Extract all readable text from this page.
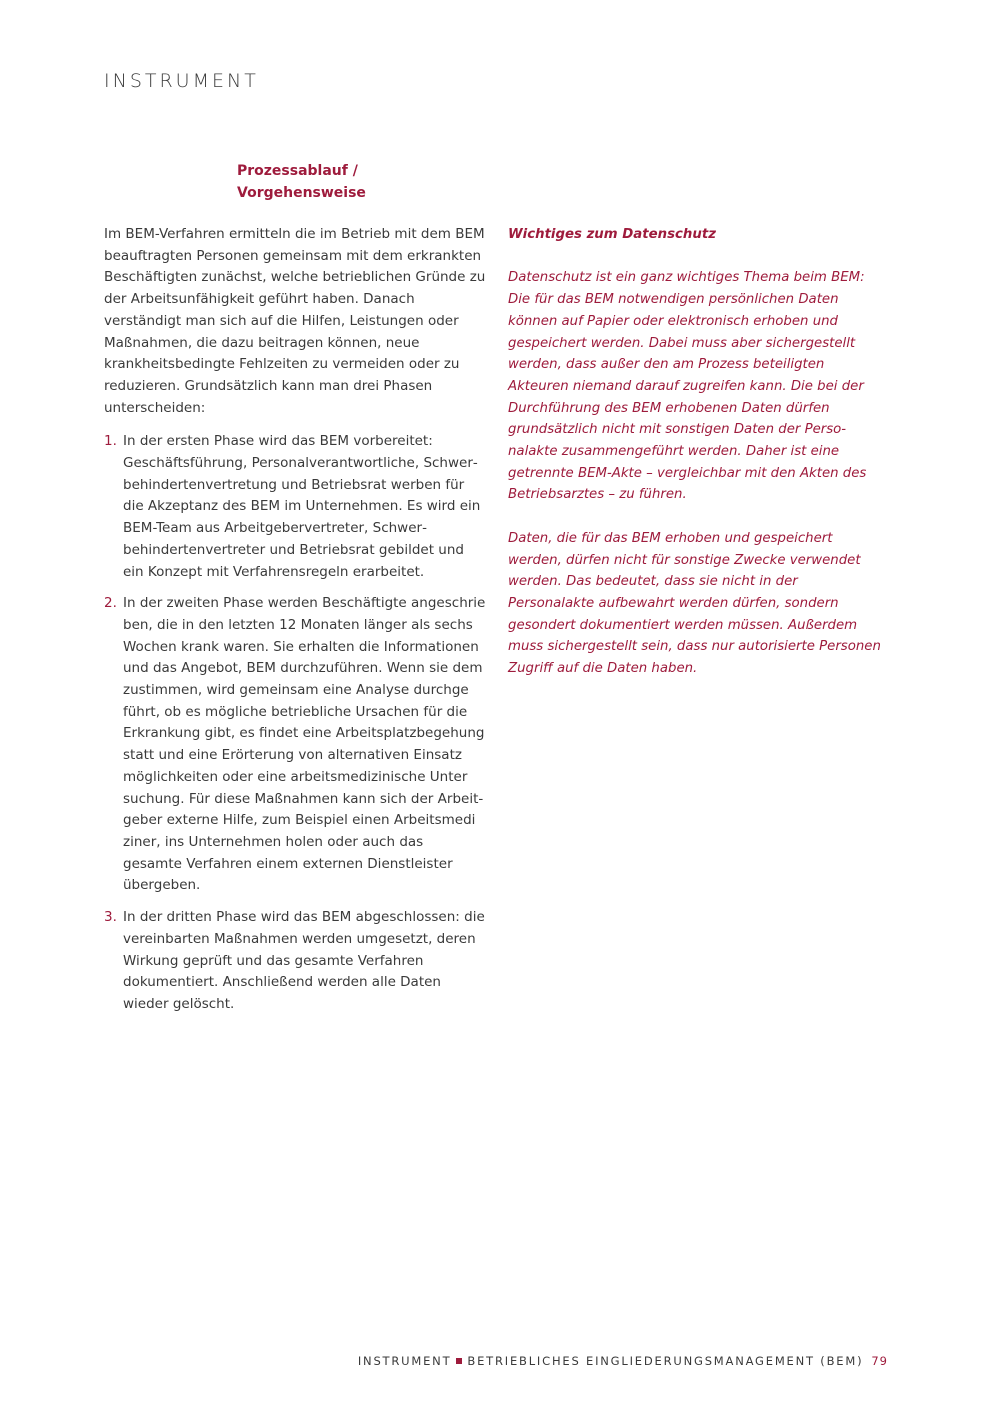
INSTRUMENT
Prozessablauf /
Vorgehensweise

Im BEM-Verfahren ermitteln die im Betrieb mit dem BEM beauftragten Personen gemeinsam mit dem erkrankten Beschäftigten zunächst, welche betrieblichen Gründe zu der Arbeitsunfähigkeit geführt haben. Danach verständigt man sich auf die Hilfen, Leistungen oder Maßnahmen, die dazu beitragen können, neue krankheitsbedingte Fehlzeiten zu vermeiden oder zu reduzieren. Grundsätzlich kann man drei Phasen unterscheiden:

1. In der ersten Phase wird das BEM vorbereitet: Geschäftsführung, Personalverantwortliche, Schwerbehindertenvertretung und Betriebsrat werben für die Akzeptanz des BEM im Unternehmen. Es wird ein BEM-Team aus Arbeitgebervertreter, Schwerbehindertenvertreter und Betriebsrat gebildet und ein Konzept mit Verfahrensregeln erarbeitet.
2. In der zweiten Phase werden Beschäftigte angeschrie ben, die in den letzten 12 Monaten länger als sechs Wochen krank waren. Sie erhalten die Informationen und das Angebot, BEM durchzuführen. Wenn sie dem zustimmen, wird gemeinsam eine Analyse durchge führt, ob es mögliche betriebliche Ursachen für die Erkrankung gibt, es findet eine Arbeitsplatzbegehung statt und eine Erörterung von alternativen Einsatz möglichkeiten oder eine arbeitsmedizinische Unter suchung. Für diese Maßnahmen kann sich der Arbeitgeber externe Hilfe, zum Beispiel einen Arbeitsmedi ziner, ins Unternehmen holen oder auch das gesamte Verfahren einem externen Dienstleister übergeben.
3. In der dritten Phase wird das BEM abgeschlossen: die vereinbarten Maßnahmen werden umgesetzt, deren Wirkung geprüft und das gesamte Verfahren dokumentiert. Anschließend werden alle Daten wieder gelöscht.
Wichtiges zum Datenschutz

Datenschutz ist ein ganz wichtiges Thema beim BEM: Die für das BEM notwendigen persönlichen Daten können auf Papier oder elektronisch erhoben und gespeichert werden. Dabei muss aber sichergestellt werden, dass außer den am Prozess beteiligten Akteuren niemand darauf zugreifen kann. Die bei der Durchführung des BEM erhobenen Daten dürfen grundsätzlich nicht mit sonstigen Daten der Personalakte zusammengeführt werden. Daher ist eine getrennte BEM-Akte – vergleichbar mit den Akten des Betriebsarztes – zu führen.

Daten, die für das BEM erhoben und gespeichert werden, dürfen nicht für sonstige Zwecke verwendet werden. Das bedeutet, dass sie nicht in der Personalakte aufbewahrt werden dürfen, sondern gesondert dokumentiert werden müssen. Außerdem muss sichergestellt sein, dass nur autorisierte Personen Zugriff auf die Daten haben.

INSTRUMENT BETRIEBLICHES EINGLIEDERUNGSMANAGEMENT (BEM) 79
